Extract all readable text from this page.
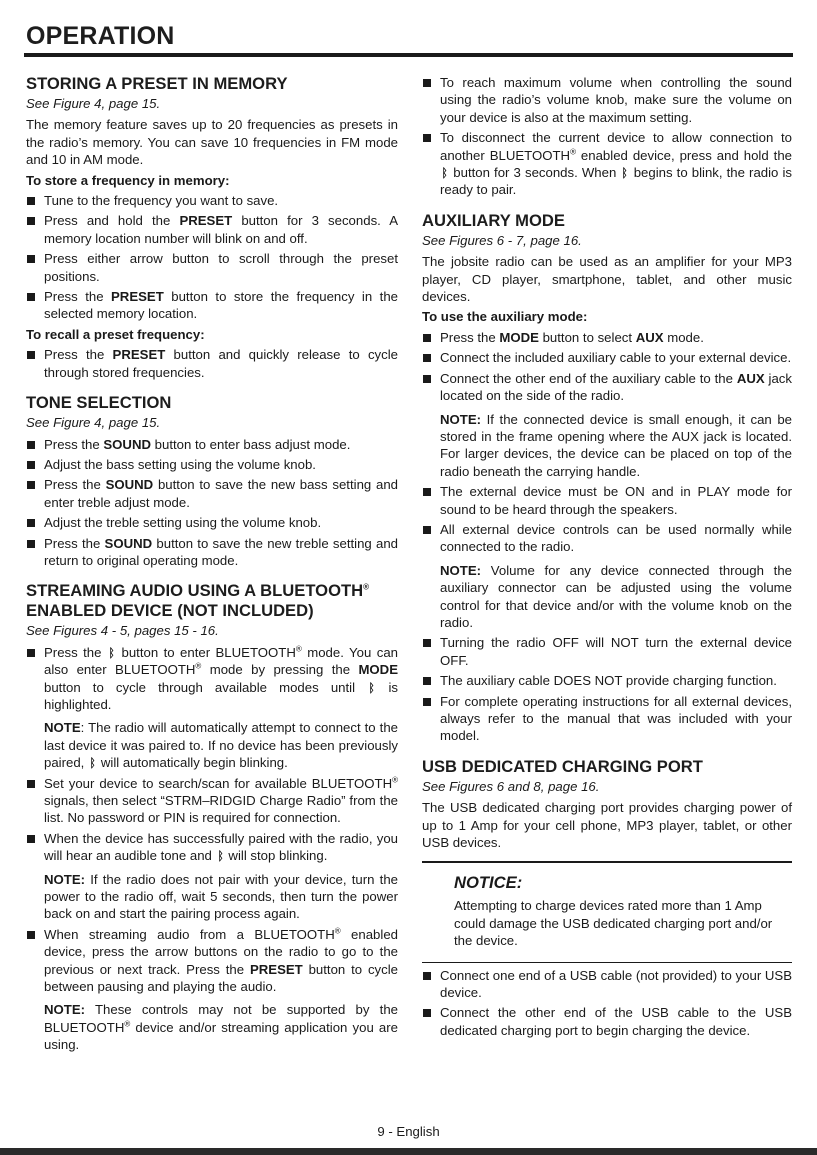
OPERATION
STORING A PRESET IN MEMORY
See Figure 4, page 15.

The memory feature saves up to 20 frequencies as presets in the radio’s memory. You can save 10 frequencies in FM mode and 10 in AM mode.

To store a frequency in memory:
Tune to the frequency you want to save.
Press and hold the PRESET button for 3 seconds. A memory location number will blink on and off.
Press either arrow button to scroll through the preset positions.
Press the PRESET button to store the frequency in the selected memory location.
To recall a preset frequency:
Press the PRESET button and quickly release to cycle through stored frequencies.
TONE SELECTION
See Figure 4, page 15.
Press the SOUND button to enter bass adjust mode.
Adjust the bass setting using the volume knob.
Press the SOUND button to save the new bass setting and enter treble adjust mode.
Adjust the treble setting using the volume knob.
Press the SOUND button to save the new treble setting and return to original operating mode.
STREAMING AUDIO USING A BLUETOOTH®
ENABLED DEVICE (NOT INCLUDED)
See Figures 4 - 5, pages 15 - 16.
Press the ᛒ button to enter BLUETOOTH® mode. You can also enter BLUETOOTH® mode by pressing the MODE button to cycle through available modes until ᛒ is highlighted.

NOTE: The radio will automatically attempt to connect to the last device it was paired to. If no device has been previously paired, ᛒ will automatically begin blinking.

Set your device to search/scan for available BLUETOOTH® signals, then select “STRM–RIDGID Charge Radio” from the list. No password or PIN is required for connection.
When the device has successfully paired with the radio, you will hear an audible tone and ᛒ will stop blinking.

NOTE: If the radio does not pair with your device, turn the power to the radio off, wait 5 seconds, then turn the power back on and start the pairing process again.

When streaming audio from a BLUETOOTH® enabled device, press the arrow buttons on the radio to go to the previous or next track. Press the PRESET button to cycle between pausing and playing the audio.

NOTE: These controls may not be supported by the BLUETOOTH® device and/or streaming application you are using.

To reach maximum volume when controlling the sound using the radio’s volume knob, make sure the volume on your device is also at the maximum setting.
To disconnect the current device to allow connection to another BLUETOOTH® enabled device, press and hold the ᛒ button for 3 seconds. When ᛒ begins to blink, the radio is ready to pair.
AUXILIARY MODE
See Figures 6 - 7, page 16.

The jobsite radio can be used as an amplifier for your MP3 player, CD player, smartphone, tablet, and other music devices.

To use the auxiliary mode:
Press the MODE button to select AUX mode.
Connect the included auxiliary cable to your external device.
Connect the other end of the auxiliary cable to the AUX jack located on the side of the radio.

NOTE: If the connected device is small enough, it can be stored in the frame opening where the AUX jack is located. For larger devices, the device can be placed on top of the radio beneath the carrying handle.

The external device must be ON and in PLAY mode for sound to be heard through the speakers.
All external device controls can be used normally while connected to the radio.

NOTE: Volume for any device connected through the auxiliary connector can be adjusted using the volume control for that device and/or with the volume knob on the radio.

Turning the radio OFF will NOT turn the external device OFF.
The auxiliary cable DOES NOT provide charging function.
For complete operating instructions for all external devices, always refer to the manual that was included with your model.
USB DEDICATED CHARGING PORT
See Figures 6 and 8, page 16.

The USB dedicated charging port provides charging power of up to 1 Amp for your cell phone, MP3 player, tablet, or other USB devices.

NOTICE:
Attempting to charge devices rated more than 1 Amp could damage the USB dedicated charging port and/or the device.
Connect one end of a USB cable (not provided) to your USB device.
Connect the other end of the USB cable to the USB dedicated charging port to begin charging the device.
9 - English
